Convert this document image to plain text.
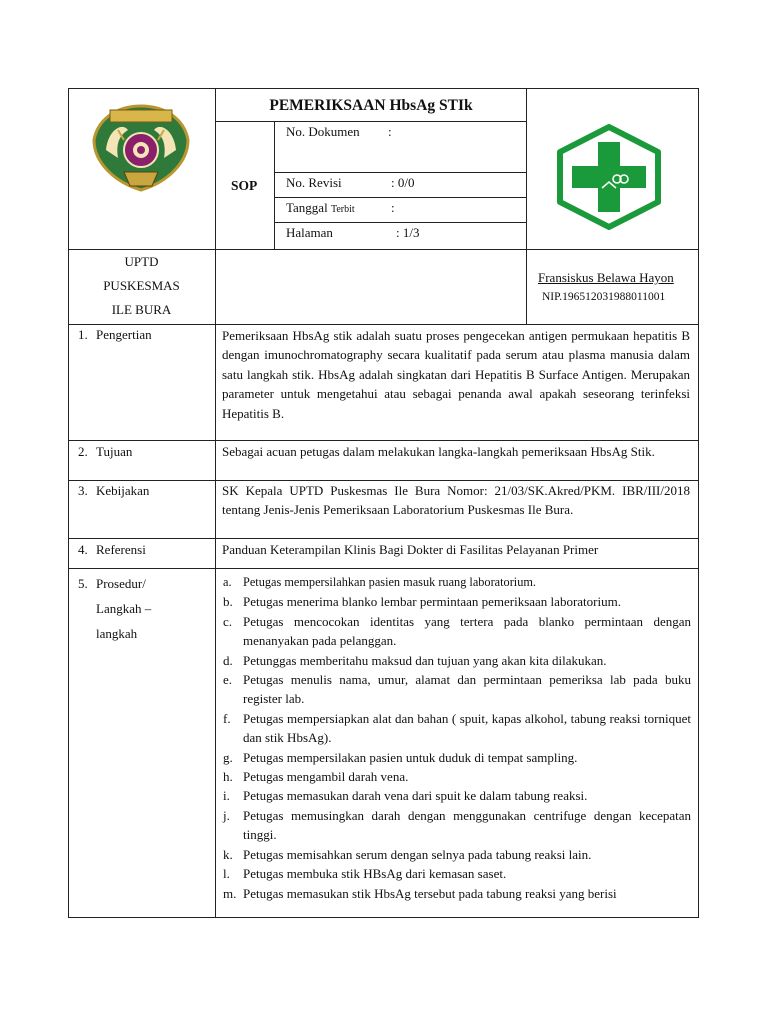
PEMERIKSAAN HbsAg STIk
SOP
No. Dokumen :
No. Revisi	: 0/0
Tanggal Terbit	:
Halaman	: 1/3
UPTD
PUSKESMAS
ILE BURA
Fransiskus Belawa Hayon
NIP.196512031988011001
1. Pengertian	Pemeriksaan HbsAg stik adalah suatu proses pengecekan antigen permukaan hepatitis B dengan imunochromatography secara kualitatif pada serum atau plasma manusia dalam satu langkah stik. HbsAg adalah singkatan dari Hepatitis B Surface Antigen. Merupakan parameter untuk mengetahui atau sebagai penanda awal apakah seseorang terinfeksi Hepatitis B.
2. Tujuan	Sebagai acuan petugas dalam melakukan langka-langkah pemeriksaan HbsAg Stik.
3. Kebijakan	SK Kepala UPTD Puskesmas Ile Bura Nomor: 21/03/SK.Akred/PKM. IBR/III/2018 tentang Jenis-Jenis Pemeriksaan Laboratorium Puskesmas Ile Bura.
4. Referensi	Panduan Keterampilan Klinis Bagi Dokter di Fasilitas Pelayanan Primer
5. Prosedur/
Langkah –
langkah
a. Petugas mempersilahkan pasien masuk ruang laboratorium.
b. Petugas menerima blanko lembar permintaan pemeriksaan laboratorium.
c. Petugas mencocokan identitas yang tertera pada blanko permintaan dengan menanyakan pada pelanggan.
d. Petunggas memberitahu maksud dan tujuan yang akan kita dilakukan.
e. Petugas menulis nama, umur, alamat dan permintaan pemeriksa lab pada buku register lab.
f. Petugas mempersiapkan alat dan bahan ( spuit, kapas alkohol, tabung reaksi torniquet dan stik HbsAg).
g. Petugas mempersilakan pasien untuk duduk di tempat sampling.
h. Petugas mengambil darah vena.
i. Petugas memasukan darah vena dari spuit ke dalam tabung reaksi.
j. Petugas memusingkan darah dengan menggunakan centrifuge dengan kecepatan tinggi.
k. Petugas memisahkan serum dengan selnya pada tabung reaksi lain.
l. Petugas membuka stik HBsAg dari kemasan saset.
m. Petugas memasukan stik HbsAg tersebut pada tabung reaksi yang berisi
